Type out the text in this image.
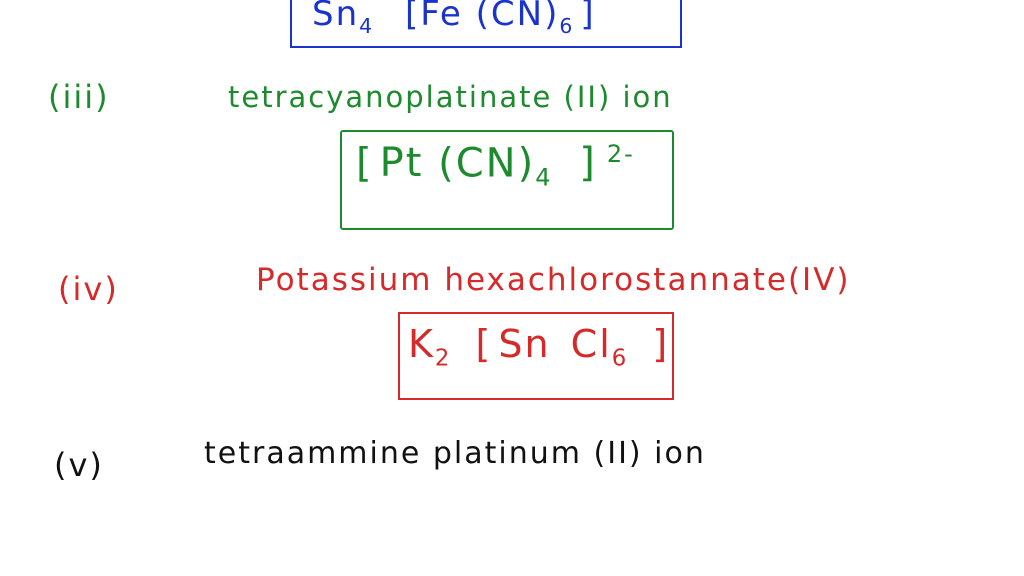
$Sn_4$ [Fe $(CN)_6$ ]
(iii)	tetracyanoplatinate (II) ion
[ Pt $(CN)_4$ ] $^{2-}$
(iv)	Potassium hexachlorostannate(IV)
$K_2$ [ Sn $Cl_6$ ]
(v)	tetraammine platinum (II) ion
